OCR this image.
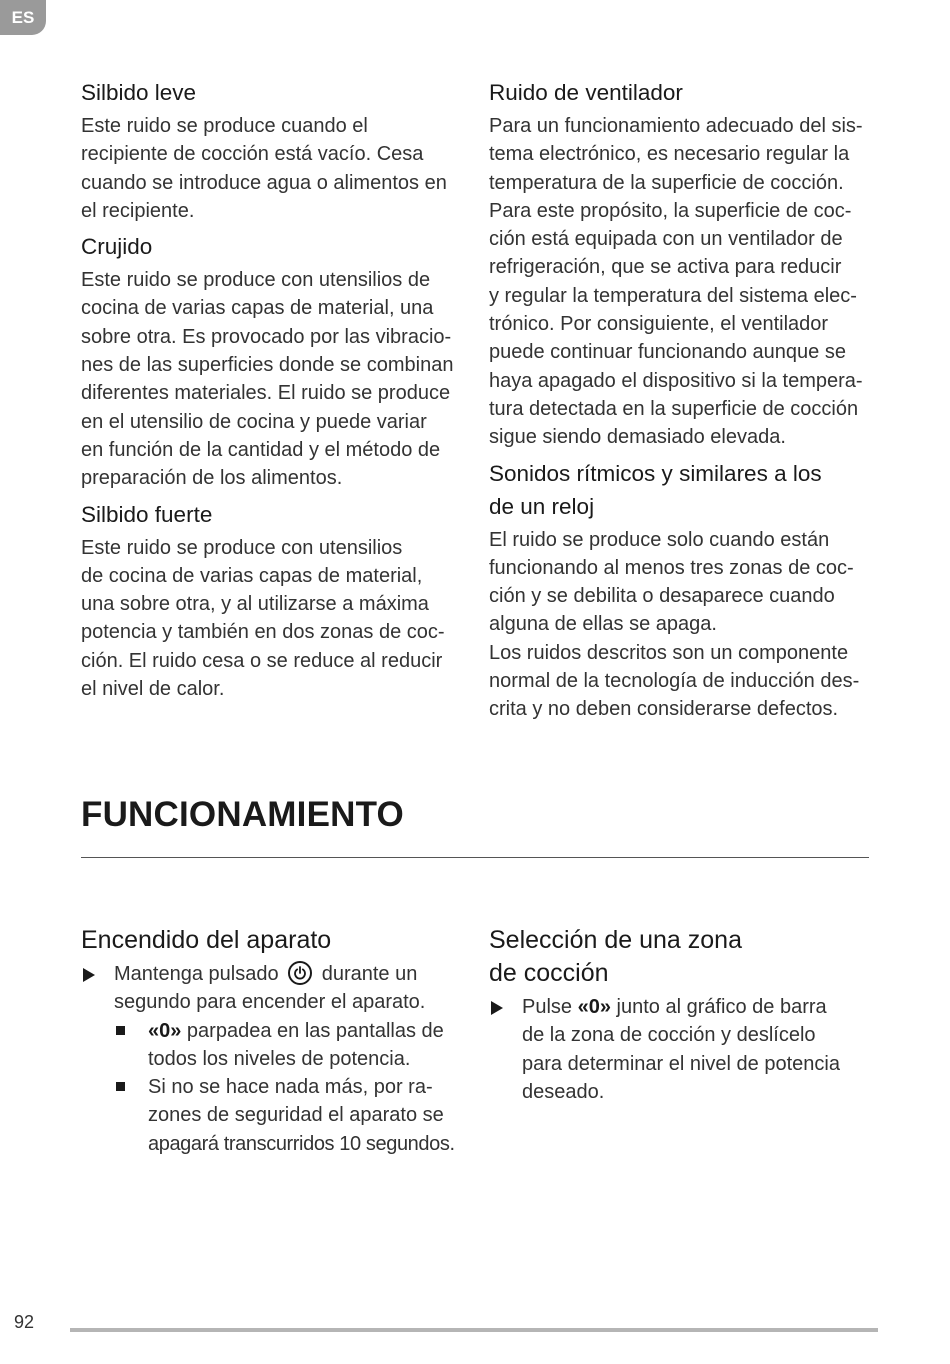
ES
Silbido leve
Este ruido se produce cuando el
recipiente de cocción está vacío. Cesa
cuando se introduce agua o alimentos en
el recipiente.
Crujido
Este ruido se produce con utensilios de
cocina de varias capas de material, una
sobre otra. Es provocado por las vibracio-
nes de las superficies donde se combinan
diferentes materiales. El ruido se produce
en el utensilio de cocina y puede variar
en función de la cantidad y el método de
preparación de los alimentos.
Silbido fuerte
Este ruido se produce con utensilios
de cocina de varias capas de material,
una sobre otra, y al utilizarse a máxima
potencia y también en dos zonas de coc-
ción. El ruido cesa o se reduce al reducir
el nivel de calor.
Ruido de ventilador
Para un funcionamiento adecuado del sis-
tema electrónico, es necesario regular la
temperatura de la superficie de cocción.
Para este propósito, la superficie de coc-
ción está equipada con un ventilador de
refrigeración, que se activa para reducir
y regular la temperatura del sistema elec-
trónico. Por consiguiente, el ventilador
puede continuar funcionando aunque se
haya apagado el dispositivo si la tempera-
tura detectada en la superficie de cocción
sigue siendo demasiado elevada.
Sonidos rítmicos y similares a los
de un reloj
El ruido se produce solo cuando están
funcionando al menos tres zonas de coc-
ción y se debilita o desaparece cuando
alguna de ellas se apaga.
Los ruidos descritos son un componente
normal de la tecnología de inducción des-
crita y no deben considerarse defectos.
FUNCIONAMIENTO
Encendido del aparato
Mantenga pulsado durante un
segundo para encender el aparato.
«0» parpadea en las pantallas de
todos los niveles de potencia.
Si no se hace nada más, por ra-
zones de seguridad el aparato se
apagará transcurridos 10 segundos.
Selección de una zona
de cocción
Pulse «0» junto al gráfico de barra
de la zona de cocción y deslícelo
para determinar el nivel de potencia
deseado.
92
